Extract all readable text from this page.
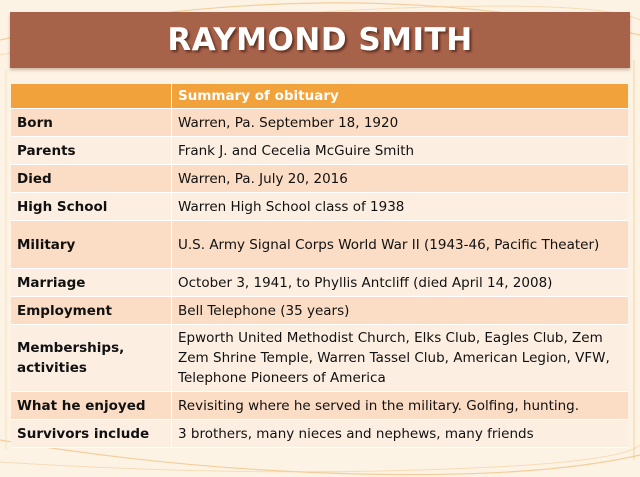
RAYMOND SMITH
	Summary of obituary
Born	Warren, Pa. September 18, 1920
Parents	Frank J. and Cecelia McGuire Smith
Died	Warren, Pa. July 20, 2016
High School	Warren High School class of 1938
Military	U.S. Army Signal Corps World War II (1943-46, Pacific Theater)
Marriage	October 3, 1941, to Phyllis Antcliff (died April 14, 2008)
Employment	Bell Telephone (35 years)
Memberships, activities	Epworth United Methodist Church, Elks Club, Eagles Club, Zem Zem Shrine Temple, Warren Tassel Club, American Legion, VFW, Telephone Pioneers of America
What he enjoyed	Revisiting where he served in the military. Golfing, hunting.
Survivors include	3 brothers, many nieces and nephews, many friends
